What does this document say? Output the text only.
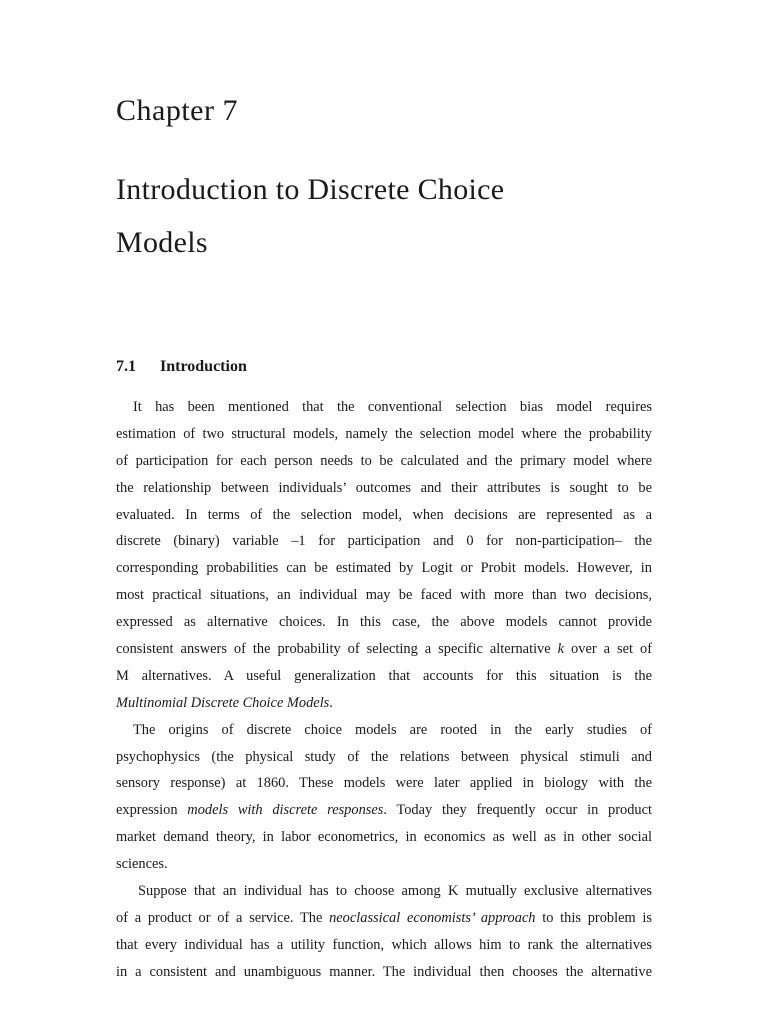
Chapter 7
Introduction to Discrete Choice
Models
7.1 Introduction
It has been mentioned that the conventional selection bias model requires
estimation of two structural models, namely the selection model where the probability
of participation for each person needs to be calculated and the primary model where
the relationship between individuals’ outcomes and their attributes is sought to be
evaluated. In terms of the selection model, when decisions are represented as a
discrete (binary) variable –1 for participation and 0 for non-participation– the
corresponding probabilities can be estimated by Logit or Probit models. However, in
most practical situations, an individual may be faced with more than two decisions,
expressed as alternative choices. In this case, the above models cannot provide
consistent answers of the probability of selecting a specific alternative k over a set of
M alternatives. A useful generalization that accounts for this situation is the
Multinomial Discrete Choice Models.
The origins of discrete choice models are rooted in the early studies of
psychophysics (the physical study of the relations between physical stimuli and
sensory response) at 1860. These models were later applied in biology with the
expression models with discrete responses. Today they frequently occur in product
market demand theory, in labor econometrics, in economics as well as in other social
sciences.
Suppose that an individual has to choose among K mutually exclusive alternatives
of a product or of a service. The neoclassical economists’ approach to this problem is
that every individual has a utility function, which allows him to rank the alternatives
in a consistent and unambiguous manner. The individual then chooses the alternative
